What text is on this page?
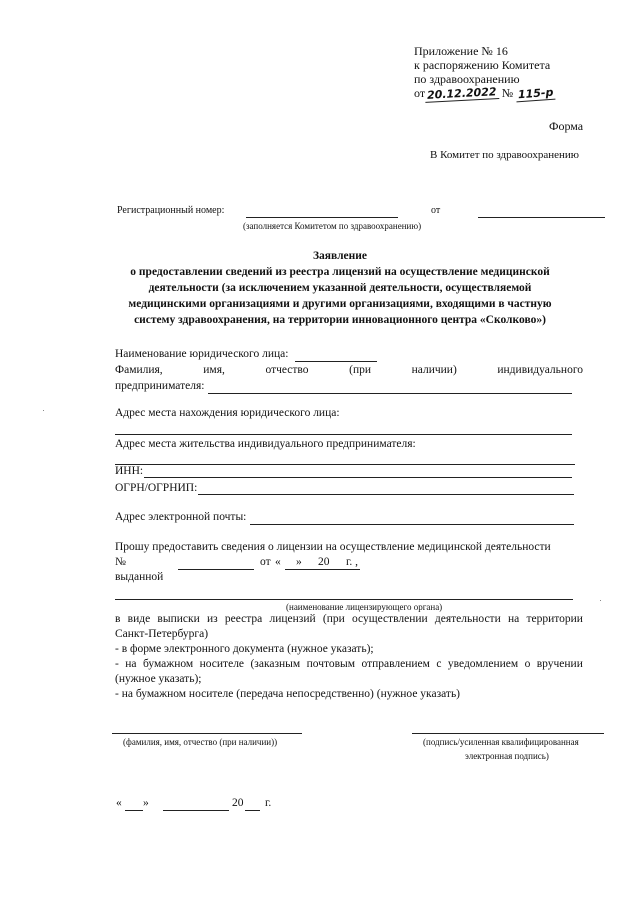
Приложение № 16
к распоряжению Комитета
по здравоохранению
от 20.12.2022 № 115-р
Форма
В Комитет по здравоохранению
Регистрационный номер:	от
(заполняется Комитетом по здравоохранению)
Заявление
о предоставлении сведений из реестра лицензий на осуществление медицинской
деятельности (за исключением указанной деятельности, осуществляемой
медицинскими организациями и другими организациями, входящими в частную
систему здравоохранения, на территории инновационного центра «Сколково»)
Наименование юридического лица:
Фамилия,	имя,	отчество	(при	наличии)	индивидуального
предпринимателя:
Адрес места нахождения юридического лица:
Адрес места жительства индивидуального предпринимателя:
ИНН:
ОГРН/ОГРНИП:
Адрес электронной почты:
Прошу предоставить сведения о лицензии на осуществление медицинской деятельности
№	от « » 20 г. ,
выданной
(наименование лицензирующего органа)
в виде выписки из реестра лицензий (при осуществлении деятельности на территории
Санкт-Петербурга)
- в форме электронного документа (нужное указать);
- на бумажном носителе (заказным почтовым отправлением с уведомлением о вручении
(нужное указать);
- на бумажном носителе (передача непосредственно) (нужное указать)
(фамилия, имя, отчество (при наличии))	(подпись/усиленная квалифицированная
электронная подпись)
« »	20 г.
